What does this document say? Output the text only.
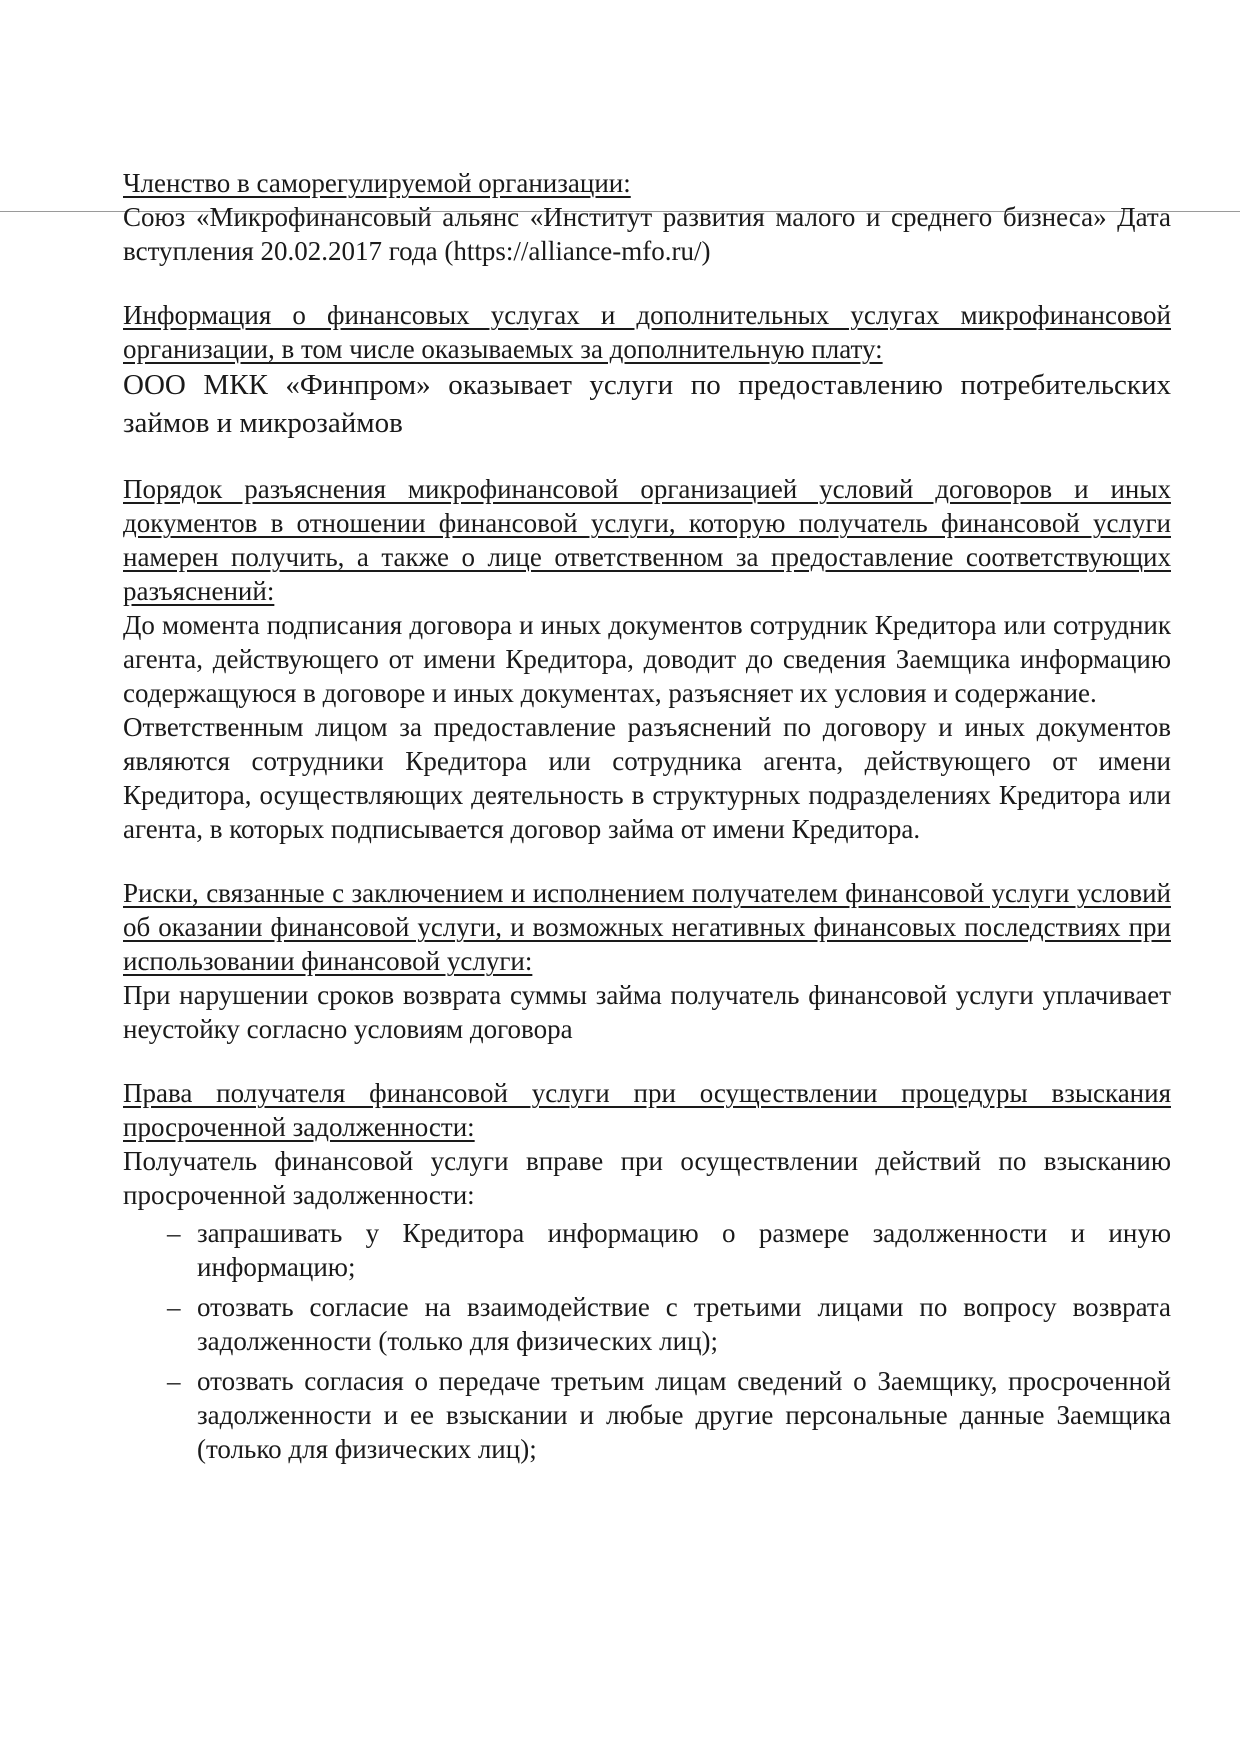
Членство в саморегулируемой организации:

Союз «Микрофинансовый альянс «Институт развития малого и среднего бизнеса» Дата вступления 20.02.2017 года (https://alliance-mfo.ru/)

Информация о финансовых услугах и дополнительных услугах микрофинансовой организации, в том числе оказываемых за дополнительную плату:

ООО МКК «Финпром» оказывает услуги по предоставлению потребительских займов и микрозаймов

Порядок разъяснения микрофинансовой организацией условий договоров и иных документов в отношении финансовой услуги, которую получатель финансовой услуги намерен получить, а также о лице ответственном за предоставление соответствующих разъяснений:

До момента подписания договора и иных документов сотрудник Кредитора или сотрудник агента, действующего от имени Кредитора, доводит до сведения Заемщика информацию содержащуюся в договоре и иных документах, разъясняет их условия и содержание.

Ответственным лицом за предоставление разъяснений по договору и иных документов являются сотрудники Кредитора или сотрудника агента, действующего от имени Кредитора, осуществляющих деятельность в структурных подразделениях Кредитора или агента, в которых подписывается договор займа от имени Кредитора.

Риски, связанные с заключением и исполнением получателем финансовой услуги условий об оказании финансовой услуги, и возможных негативных финансовых последствиях при использовании финансовой услуги:

При нарушении сроков возврата суммы займа получатель финансовой услуги уплачивает неустойку согласно условиям договора

Права получателя финансовой услуги при осуществлении процедуры взыскания просроченной задолженности:

Получатель финансовой услуги вправе при осуществлении действий по взысканию просроченной задолженности:

– запрашивать у Кредитора информацию о размере задолженности и иную информацию;
– отозвать согласие на взаимодействие с третьими лицами по вопросу возврата задолженности (только для физических лиц);
– отозвать согласия о передаче третьим лицам сведений о Заемщику, просроченной задолженности и ее взыскании и любые другие персональные данные Заемщика (только для физических лиц);
